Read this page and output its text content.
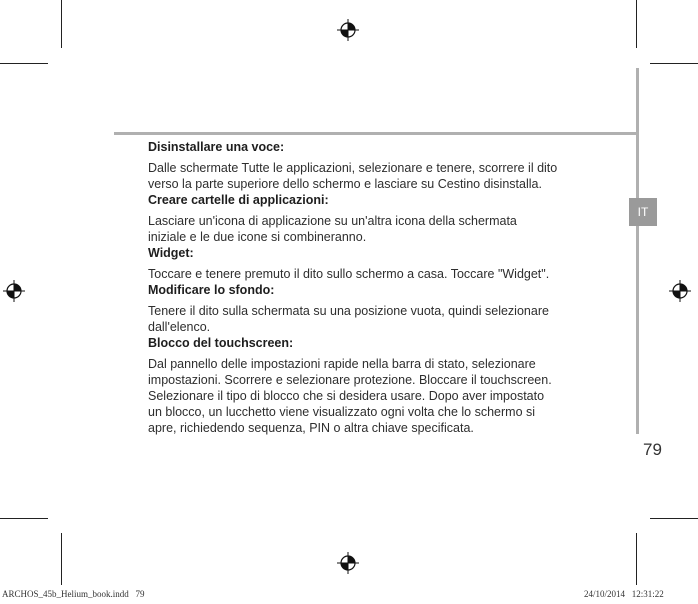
IT

Disinstallare una voce:

Dalle schermate Tutte le applicazioni, selezionare e tenere, scorrere il dito
verso la parte superiore dello schermo e lasciare su Cestino disinstalla.

Creare cartelle di applicazioni:

Lasciare un'icona di applicazione su un'altra icona della schermata
iniziale e le due icone si combineranno.

Widget:

Toccare e tenere premuto il dito sullo schermo a casa. Toccare "Widget".

Modificare lo sfondo:

Tenere il dito sulla schermata su una posizione vuota, quindi selezionare
dall'elenco.

Blocco del touchscreen:

Dal pannello delle impostazioni rapide nella barra di stato, selezionare
impostazioni. Scorrere e selezionare protezione. Bloccare il touchscreen.
Selezionare il tipo di blocco che si desidera usare. Dopo aver impostato
un blocco, un lucchetto viene visualizzato ogni volta che lo schermo si
apre, richiedendo sequenza, PIN o altra chiave specificata.

79
ARCHOS_45b_Helium_book.indd   79	24/10/2014   12:31:22
